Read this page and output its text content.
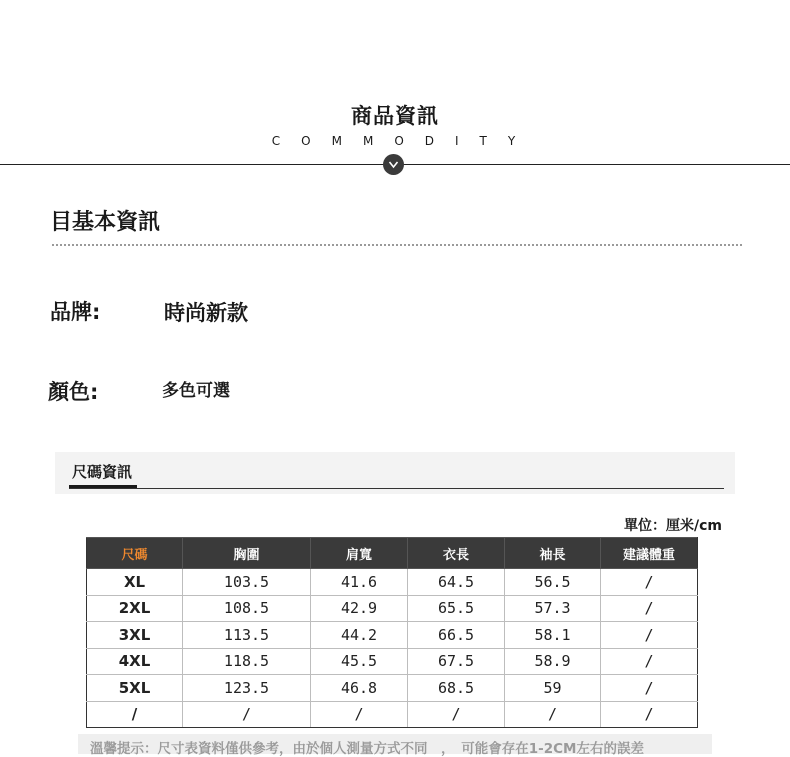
商品資訊
COMMODITY
目基本資訊
品牌:	時尚新款
顏色:	多色可選
尺碼資訊
單位：厘米/cm
尺碼	胸圍	肩寬	衣長	袖長	建議體重
XL	103.5	41.6	64.5	56.5	/
2XL	108.5	42.9	65.5	57.3	/
3XL	113.5	44.2	66.5	58.1	/
4XL	118.5	45.5	67.5	58.9	/
5XL	123.5	46.8	68.5	59	/
/	/	/	/	/	/
溫馨提示：尺寸表資料僅供參考，由於個人測量方式不同　，　可能會存在1-2CM左右的誤差
